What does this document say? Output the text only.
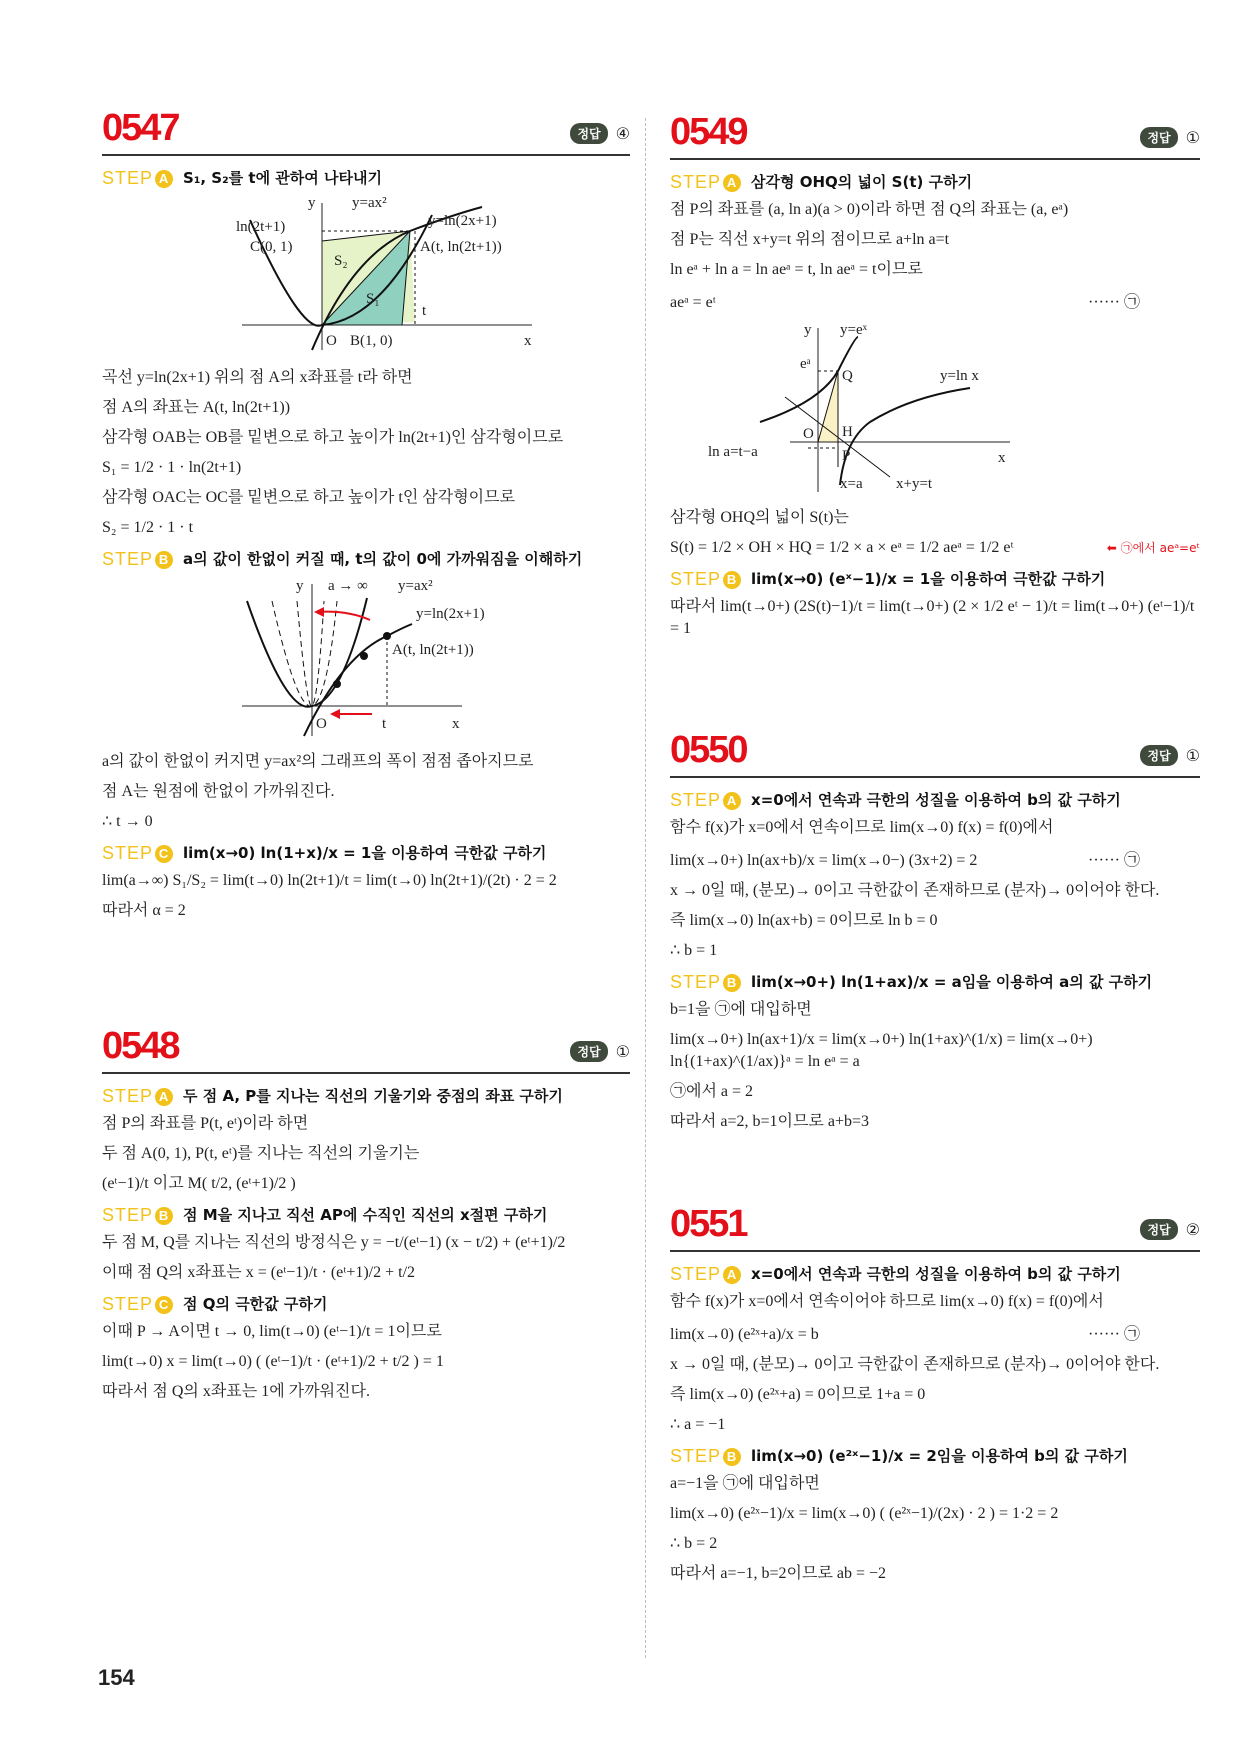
0547	정답 ④
STEP A S₁, S₂를 t에 관하여 나타내기
y
x
y=ax²
y=ln(2x+1)
ln(2t+1)
C(0, 1)	A(t, ln(2t+1))
S₂
S₁
O B(1, 0)
t
곡선 y=ln(2x+1) 위의 점 A의 x좌표를 t라 하면
점 A의 좌표는 A(t, ln(2t+1))
삼각형 OAB는 OB를 밑변으로 하고 높이가 ln(2t+1)인 삼각형이므로
S₁ = 1/2 · 1 · ln(2t+1)
삼각형 OAC는 OC를 밑변으로 하고 높이가 t인 삼각형이므로
S₂ = 1/2 · 1 · t
STEP B a의 값이 한없이 커질 때, t의 값이 0에 가까워짐을 이해하기
y
x
a → ∞ y=ax²
y=ln(2x+1)
A(t, ln(2t+1))
O	t
a의 값이 한없이 커지면 y=ax²의 그래프의 폭이 점점 좁아지므로
점 A는 원점에 한없이 가까워진다.
∴ t → 0
STEP C lim(x→0) ln(1+x)/x = 1을 이용하여 극한값 구하기
lim(a→∞) S₁/S₂ = lim(t→0) ln(2t+1)/t = lim(t→0) ln(2t+1)/(2t) · 2 = 2
따라서 α = 2
0548	정답 ①
STEP A 두 점 A, P를 지나는 직선의 기울기와 중점의 좌표 구하기
점 P의 좌표를 P(t, eᵗ)이라 하면
두 점 A(0, 1), P(t, eᵗ)를 지나는 직선의 기울기는
(eᵗ−1)/t 이고 M( t/2, (eᵗ+1)/2 )
STEP B 점 M을 지나고 직선 AP에 수직인 직선의 x절편 구하기
두 점 M, Q를 지나는 직선의 방정식은 y = −t/(eᵗ−1) (x − t/2) + (eᵗ+1)/2
이때 점 Q의 x좌표는 x = (eᵗ−1)/t · (eᵗ+1)/2 + t/2
STEP C 점 Q의 극한값 구하기
이때 P → A이면 t → 0, lim(t→0) (eᵗ−1)/t = 1이므로
lim(t→0) x = lim(t→0) ( (eᵗ−1)/t · (eᵗ+1)/2 + t/2 ) = 1
따라서 점 Q의 x좌표는 1에 가까워진다.
0549	정답 ①
STEP A 삼각형 OHQ의 넓이 S(t) 구하기
점 P의 좌표를 (a, ln a)(a > 0)이라 하면 점 Q의 좌표는 (a, eᵃ)
점 P는 직선 x+y=t 위의 점이므로 a+ln a=t
ln eᵃ + ln a = ln aeᵃ = t, ln aeᵃ = t이므로
aeᵃ = eᵗ	······ ㉠
y
x
y=eˣ
y=ln x
eᵃ
Q
H
O
P
ln a=t−a
x=a x+y=t
삼각형 OHQ의 넓이 S(t)는
S(t) = 1/2 × OH × HQ = 1/2 × a × eᵃ = 1/2 aeᵃ = 1/2 eᵗ	⬅ ㉠에서 aeᵃ=eᵗ
STEP B lim(x→0) (eˣ−1)/x = 1을 이용하여 극한값 구하기
따라서 lim(t→0+) (2S(t)−1)/t = lim(t→0+) (2 × 1/2 eᵗ − 1)/t = lim(t→0+) (eᵗ−1)/t = 1
0550	정답 ①
STEP A x=0에서 연속과 극한의 성질을 이용하여 b의 값 구하기
함수 f(x)가 x=0에서 연속이므로 lim(x→0) f(x) = f(0)에서
lim(x→0+) ln(ax+b)/x = lim(x→0−) (3x+2) = 2	······ ㉠
x → 0일 때, (분모)→ 0이고 극한값이 존재하므로 (분자)→ 0이어야 한다.
즉 lim(x→0) ln(ax+b) = 0이므로 ln b = 0
∴ b = 1
STEP B lim(x→0+) ln(1+ax)/x = a임을 이용하여 a의 값 구하기
b=1을 ㉠에 대입하면
lim(x→0+) ln(ax+1)/x = lim(x→0+) ln(1+ax)^(1/x) = lim(x→0+) ln{(1+ax)^(1/ax)}ᵃ = ln eᵃ = a
㉠에서 a = 2
따라서 a=2, b=1이므로 a+b=3
0551	정답 ②
STEP A x=0에서 연속과 극한의 성질을 이용하여 b의 값 구하기
함수 f(x)가 x=0에서 연속이어야 하므로 lim(x→0) f(x) = f(0)에서
lim(x→0) (e²ˣ+a)/x = b	······ ㉠
x → 0일 때, (분모)→ 0이고 극한값이 존재하므로 (분자)→ 0이어야 한다.
즉 lim(x→0) (e²ˣ+a) = 0이므로 1+a = 0
∴ a = −1
STEP B lim(x→0) (e²ˣ−1)/x = 2임을 이용하여 b의 값 구하기
a=−1을 ㉠에 대입하면
lim(x→0) (e²ˣ−1)/x = lim(x→0) ( (e²ˣ−1)/(2x) · 2 ) = 1·2 = 2
∴ b = 2
따라서 a=−1, b=2이므로 ab = −2
154
